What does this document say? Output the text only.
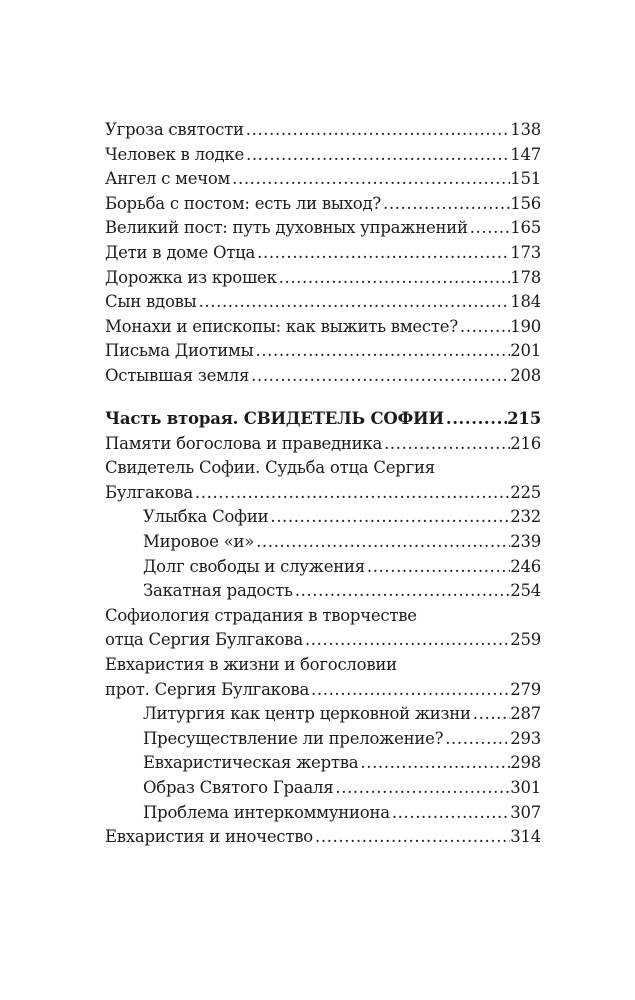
Угроза святости .....	138
Человек в лодке .....	147
Ангел с мечом .....	151
Борьба с постом: есть ли выход? .....	156
Великий пост: путь духовных упражнений .....	165
Дети в доме Отца .....	173
Дорожка из крошек .....	178
Сын вдовы .....	184
Монахи и епископы: как выжить вместе? .....	190
Письма Диотимы .....	201
Остывшая земля .....	208
Часть вторая. СВИДЕТЕЛЬ СОФИИ .....	215
Памяти богослова и праведника .....	216
Свидетель Софии. Судьба отца Сергия
Булгакова .....	225
Улыбка Софии .....	232
Мировое «и» .....	239
Долг свободы и служения .....	246
Закатная радость .....	254
Софиология страдания в творчестве
отца Сергия Булгакова .....	259
Евхаристия в жизни и богословии
прот. Сергия Булгакова .....	279
Литургия как центр церковной жизни ..... 287
Пресуществление ли преложение? .....	293
Евхаристическая жертва .....	298
Образ Святого Грааля .....	301
Проблема интеркоммуниона .....	307
Евхаристия и иночество .....	314
